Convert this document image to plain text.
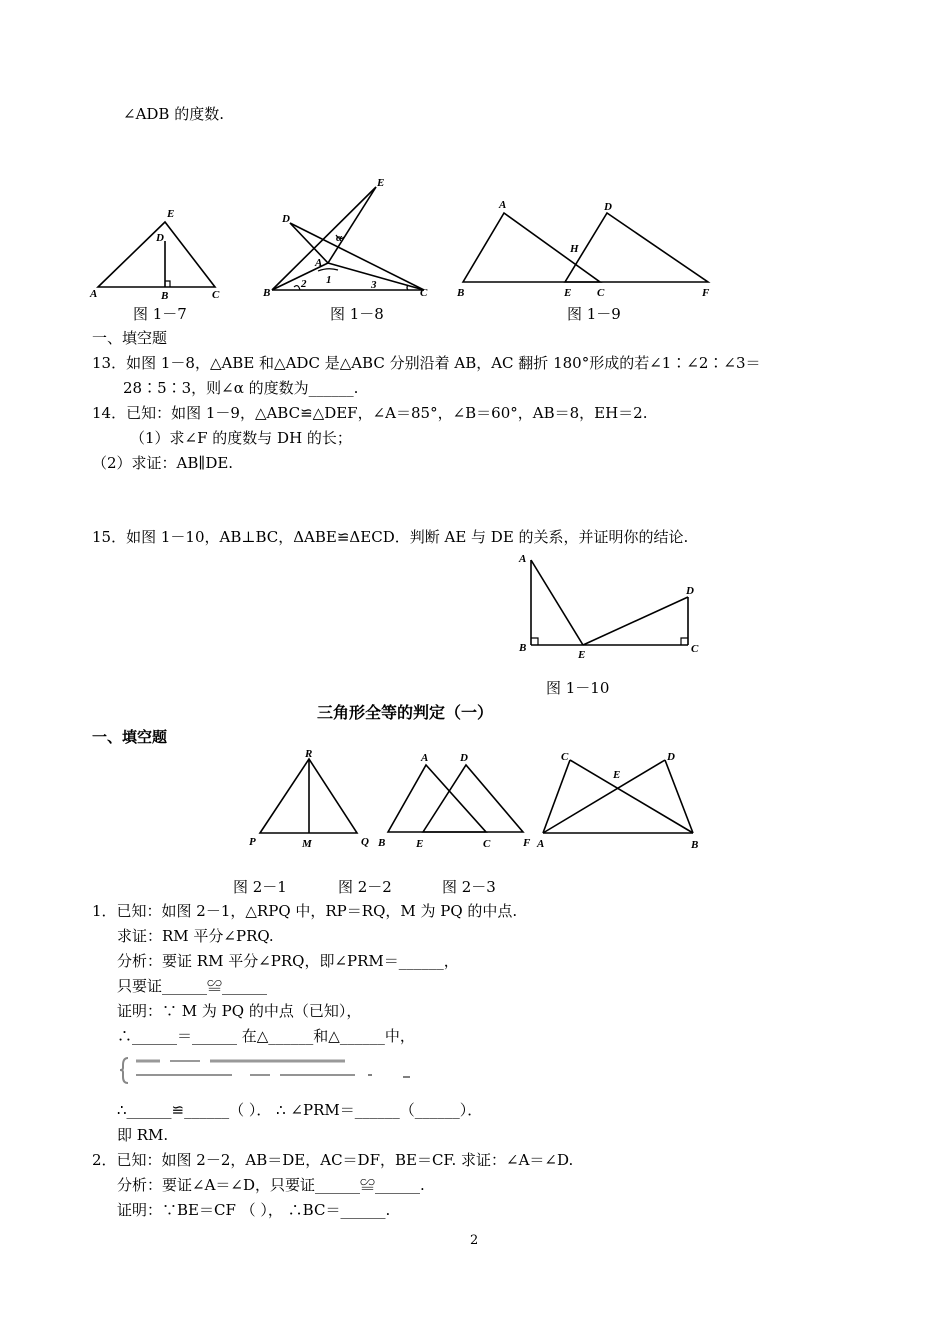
∠ADB 的度数.
E
D
A	B	C
图 1－7
E
D
α
A
B
2 1	3
C
图 1－8
A	D
H
B	E C	F
图 1－9
一、填空题
13．如图 1－8，△ABE 和△ADC 是△ABC 分别沿着 AB，AC 翻折 180°形成的若∠1∶∠2∶∠3＝
28∶5∶3，则∠α 的度数为______.
14．已知：如图 1－9，△ABC≌△DEF，∠A＝85°，∠B＝60°，AB＝8，EH＝2.
（1）求∠F 的度数与 DH 的长；
（2）求证：AB∥DE.
15．如图 1－10，AB⊥BC，ΔABE≌ΔECD．判断 AE 与 DE 的关系，并证明你的结论.
A
D
B
E	C
图 1－10
三角形全等的判定（一）
一、填空题
R
P	M	Q
A	D
B	E	C	F
C	D
E
A	B
图 2－1	图 2－2	图 2－3
1．已知：如图 2－1，△RPQ 中，RP＝RQ，M 为 PQ 的中点.
求证：RM 平分∠PRQ.
分析：要证 RM 平分∠PRQ，即∠PRM＝______，
只要证______≌______
证明：∵ M 为 PQ 的中点（已知），
∴______＝______ 在△______和△______中，
∴______≌______（ ）． ∴ ∠PRM＝______（______）．
即 RM.
2．已知：如图 2－2，AB＝DE，AC＝DF，BE＝CF. 求证：∠A＝∠D.
分析：要证∠A＝∠D，只要证______≌______.
证明：∵BE＝CF （ ）， ∴BC＝______.
2
